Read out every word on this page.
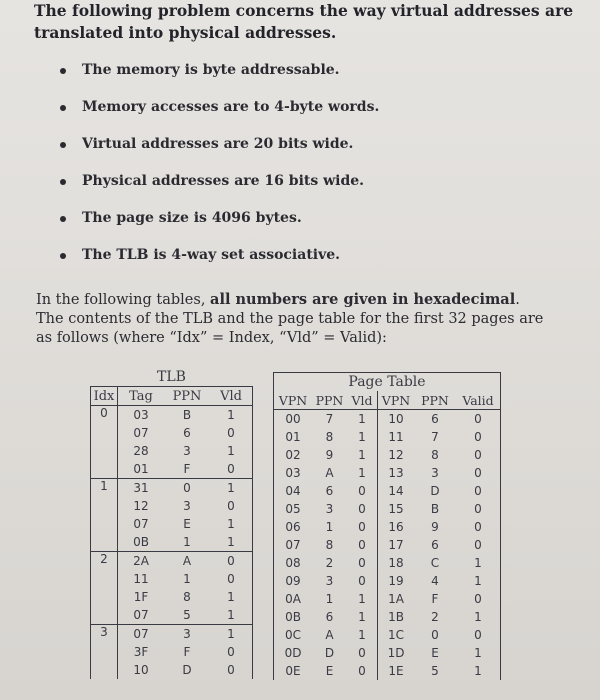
The following problem concerns the way virtual addresses are translated into physical addresses.
The memory is byte addressable.
Memory accesses are to 4-byte words.
Virtual addresses are 20 bits wide.
Physical addresses are 16 bits wide.
The page size is 4096 bytes.
The TLB is 4-way set associative.
In the following tables, all numbers are given in hexadecimal. The contents of the TLB and the page table for the first 32 pages are as follows (where “Idx” = Index, “Vld” = Valid):
TLB			
Idx	Tag	PPN	Vld
0	03	B	1
	07	6	0
	28	3	1
	01	F	0
1	31	0	1
	12	3	0
	07	E	1
	0B	1	1
2	2A	A	0
	11	1	0
	1F	8	1
	07	5	1
3	07	3	1
	3F	F	0
	10	D	0
Page Table					
VPN	PPN	Vld	VPN	PPN	Valid
00	7	1	10	6	0
01	8	1	11	7	0
02	9	1	12	8	0
03	A	1	13	3	0
04	6	0	14	D	0
05	3	0	15	B	0
06	1	0	16	9	0
07	8	0	17	6	0
08	2	0	18	C	1
09	3	0	19	4	1
0A	1	1	1A	F	0
0B	6	1	1B	2	1
0C	A	1	1C	0	0
0D	D	0	1D	E	1
0E	E	0	1E	5	1
